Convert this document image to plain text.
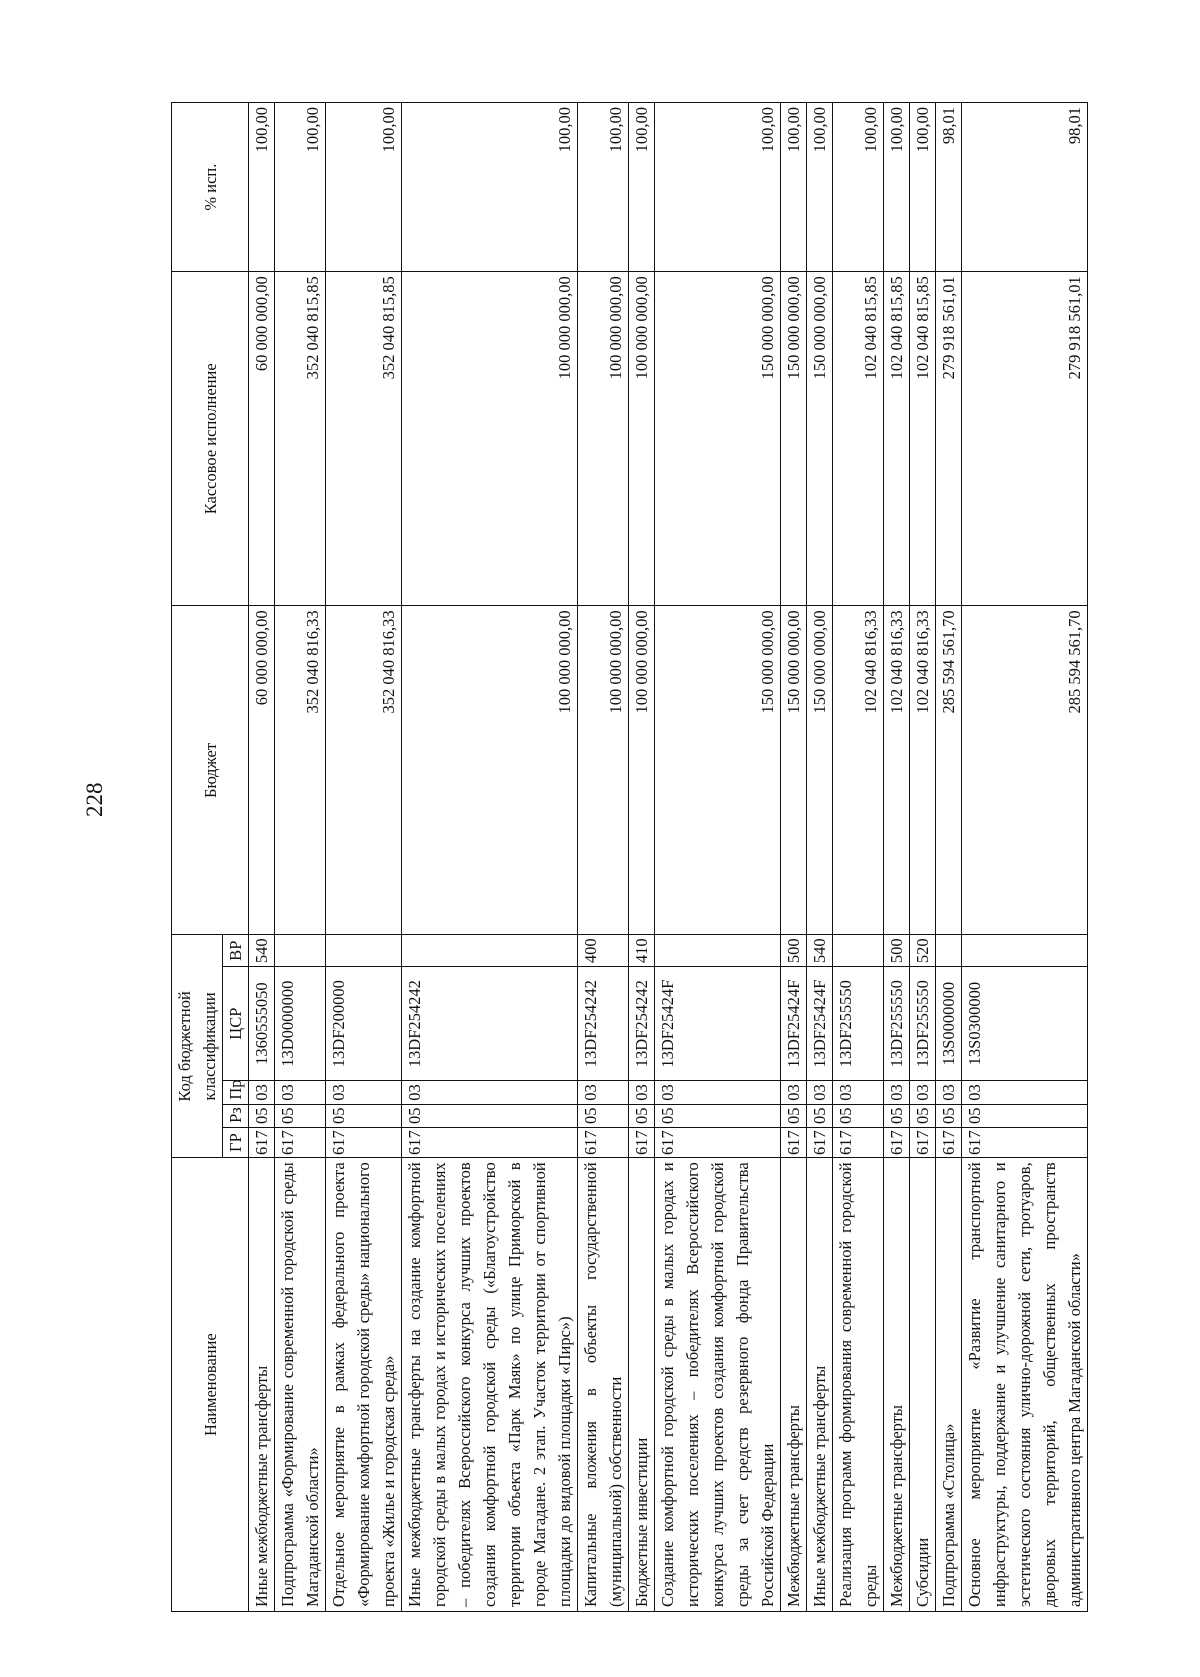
228
Наименование	Код бюджетной классификации					Бюджет	Кассовое исполнение	% исп.
	ГР	Рз	Пр	ЦСР	ВР			
Иные межбюджетные трансферты	617	05	03	1360555050	540	60 000 000,00	60 000 000,00	100,00
Подпрограмма «Формирование современной городской среды Магаданской области»	617	05	03	13D0000000		352 040 816,33	352 040 815,85	100,00
Отдельное мероприятие в рамках федерального проекта «Формирование комфортной городской среды» национального проекта «Жилье и городская среда»	617	05	03	13DF200000		352 040 816,33	352 040 815,85	100,00
Иные межбюджетные трансферты на создание комфортной городской среды в малых городах и исторических поселениях – победителях Всероссийского конкурса лучших проектов создания комфортной городской среды («Благоустройство территории объекта «Парк Маяк» по улице Приморской в городе Магадане. 2 этап. Участок территории от спортивной площадки до видовой площадки «Пирс»)	617	05	03	13DF254242		100 000 000,00	100 000 000,00	100,00
Капитальные вложения в объекты государственной (муниципальной) собственности	617	05	03	13DF254242	400	100 000 000,00	100 000 000,00	100,00
Бюджетные инвестиции	617	05	03	13DF254242	410	100 000 000,00	100 000 000,00	100,00
Создание комфортной городской среды в малых городах и исторических поселениях – победителях Всероссийского конкурса лучших проектов создания комфортной городской среды за счет средств резервного фонда Правительства Российской Федерации	617	05	03	13DF25424F		150 000 000,00	150 000 000,00	100,00
Межбюджетные трансферты	617	05	03	13DF25424F	500	150 000 000,00	150 000 000,00	100,00
Иные межбюджетные трансферты	617	05	03	13DF25424F	540	150 000 000,00	150 000 000,00	100,00
Реализация программ формирования современной городской среды	617	05	03	13DF255550		102 040 816,33	102 040 815,85	100,00
Межбюджетные трансферты	617	05	03	13DF255550	500	102 040 816,33	102 040 815,85	100,00
Субсидии	617	05	03	13DF255550	520	102 040 816,33	102 040 815,85	100,00
Подпрограмма «Столица»	617	05	03	13S0000000		285 594 561,70	279 918 561,01	98,01
Основное мероприятие «Развитие транспортной инфраструктуры, поддержание и улучшение санитарного и эстетического состояния улично-дорожной сети, тротуаров, дворовых территорий, общественных пространств административного центра Магаданской области»	617	05	03	13S0300000		285 594 561,70	279 918 561,01	98,01
